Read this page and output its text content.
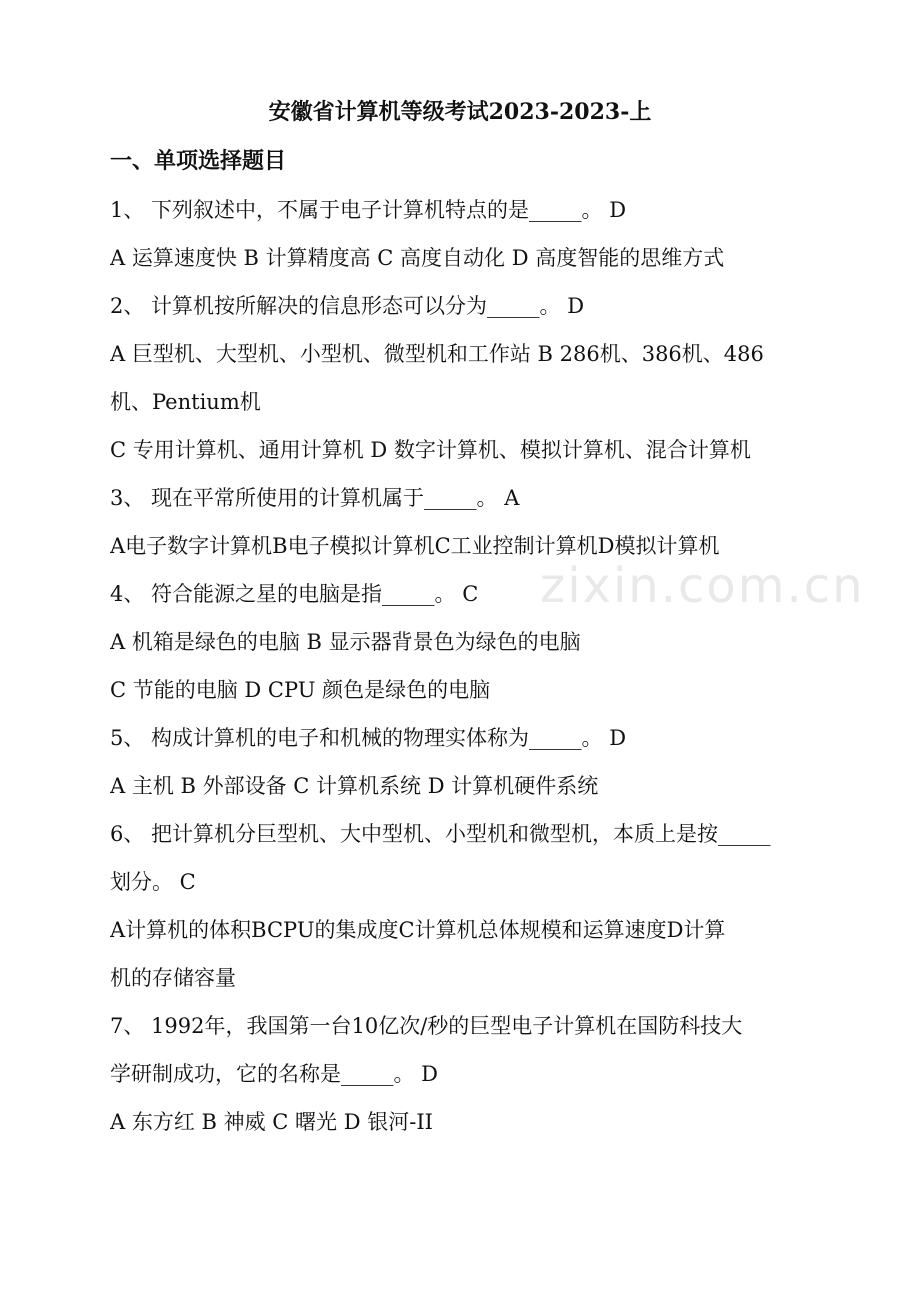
zixin.com.cn
安徽省计算机等级考试2023-2023-上
一、单项选择题目
1、 下列叙述中，不属于电子计算机特点的是_____。 D
A 运算速度快 B 计算精度高 C 高度自动化 D 高度智能的思维方式
2、 计算机按所解决的信息形态可以分为_____。 D
A 巨型机、大型机、小型机、微型机和工作站 B 286机、386机、486
机、Pentium机
C 专用计算机、通用计算机 D 数字计算机、模拟计算机、混合计算机
3、 现在平常所使用的计算机属于_____。 A
A电子数字计算机B电子模拟计算机C工业控制计算机D模拟计算机
4、 符合能源之星的电脑是指_____。 C
A 机箱是绿色的电脑 B 显示器背景色为绿色的电脑
C 节能的电脑 D CPU 颜色是绿色的电脑
5、 构成计算机的电子和机械的物理实体称为_____。 D
A 主机 B 外部设备 C 计算机系统 D 计算机硬件系统
6、 把计算机分巨型机、大中型机、小型机和微型机，本质上是按_____
划分。 C
A计算机的体积BCPU的集成度C计算机总体规模和运算速度D计算
机的存储容量
7、 1992年，我国第一台10亿次/秒的巨型电子计算机在国防科技大
学研制成功，它的名称是_____。 D
A 东方红 B 神威 C 曙光 D 银河-II
